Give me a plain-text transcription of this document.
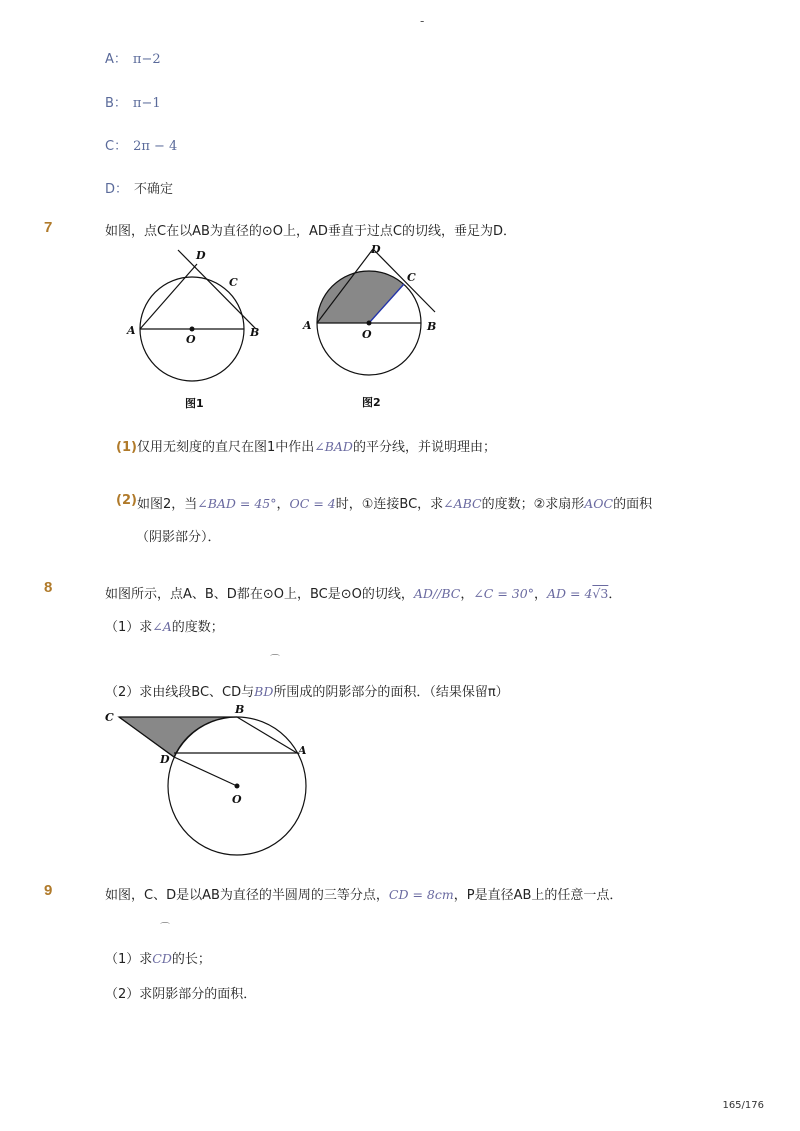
-
A： π−2
B： π−1
C： 2π − 4
D： 不确定
7	如图，点C在以AB为直径的⊙O上，AD垂直于过点C的切线，垂足为D．
A	B
O
C
D
图1
A	B
O
C
D
图2
(1)仅用无刻度的直尺在图1中作出∠BAD的平分线，并说明理由；
(2)如图2，当∠BAD = 45°，OC = 4时，①连接BC，求∠ABC的度数；②求扇形AOC的面积
（阴影部分）．
8	如图所示，点A、B、D都在⊙O上，BC是⊙O的切线，AD//BC，∠C = 30°，AD = 4√3．
（1）求∠A的度数；
⌒
（2）求由线段BC、CD与BD所围成的阴影部分的面积．（结果保留π）
C
B
A
D
O
9	如图，C、D是以AB为直径的半圆周的三等分点，CD = 8cm，P是直径AB上的任意一点．
⌒
（1）求CD的长；
（2）求阴影部分的面积．
165/176
